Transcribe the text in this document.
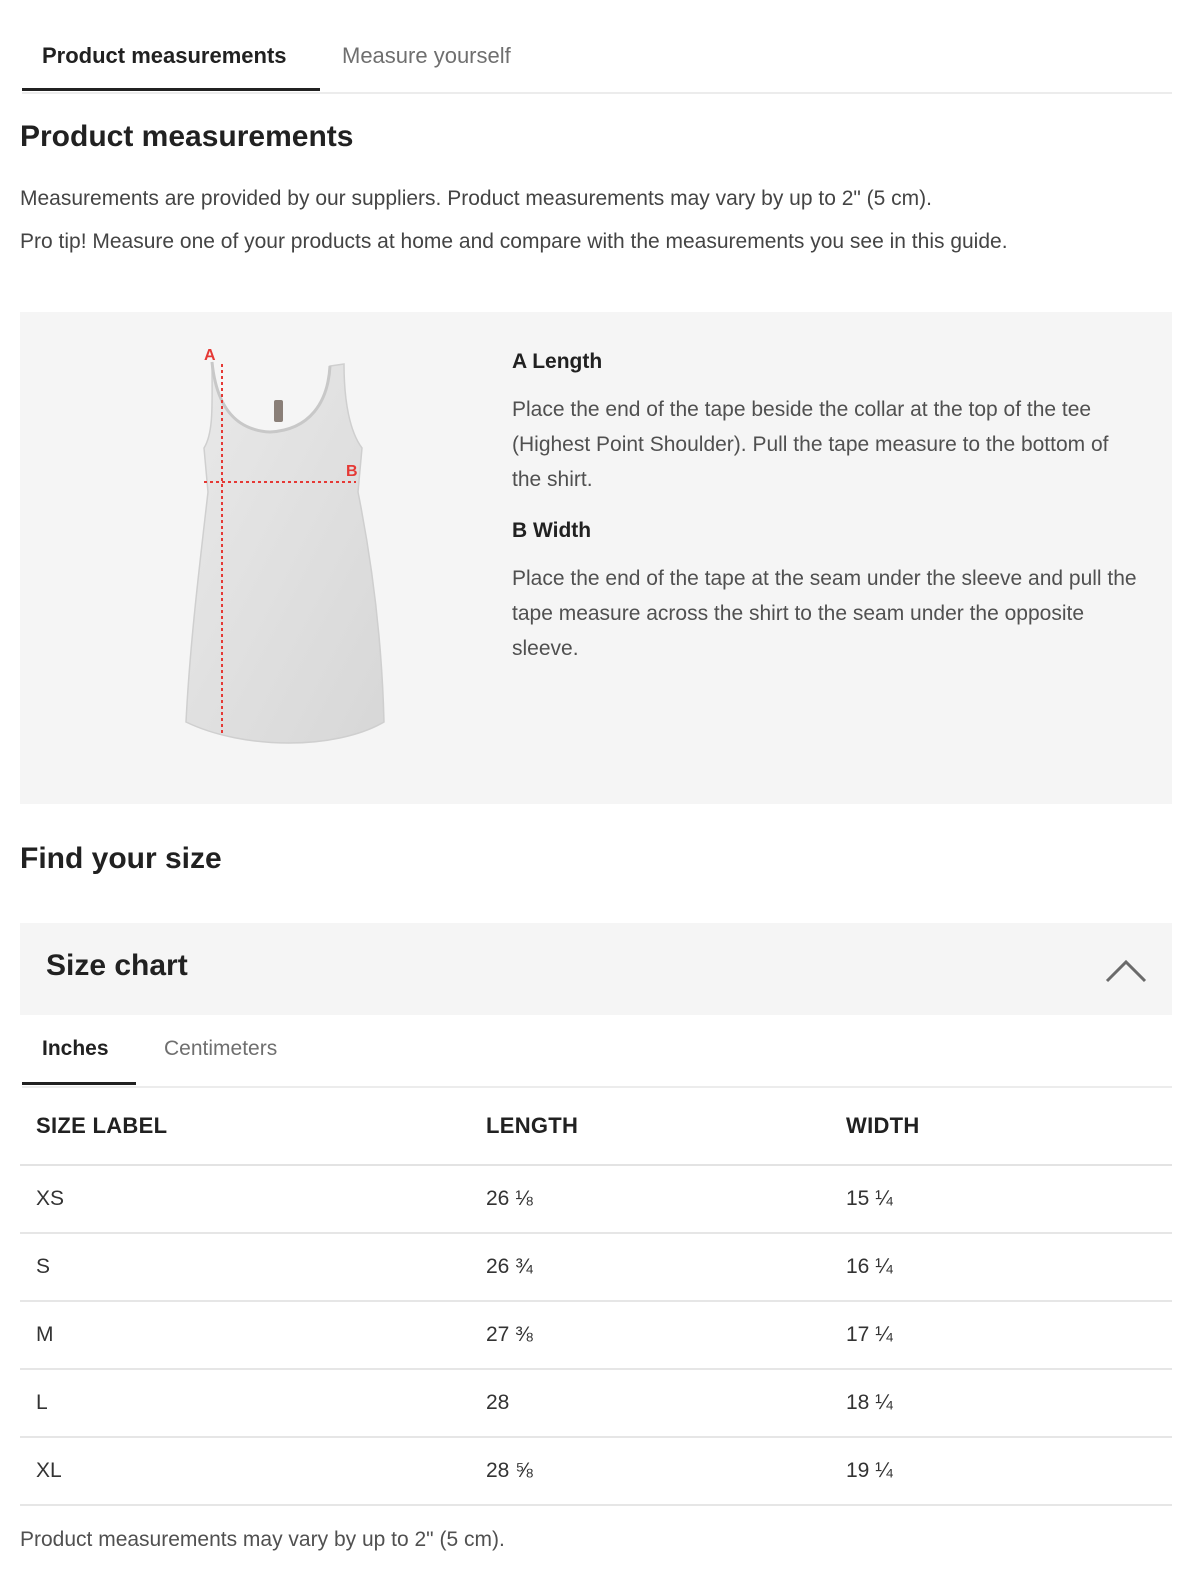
Product measurements	Measure yourself
Product measurements

Measurements are provided by our suppliers. Product measurements may vary by up to 2" (5 cm).

Pro tip! Measure one of your products at home and compare with the measurements you see in this guide.

A
B

A Length

Place the end of the tape beside the collar at the top of the tee (Highest Point Shoulder). Pull the tape measure to the bottom of the shirt.

B Width

Place the end of the tape at the seam under the sleeve and pull the tape measure across the shirt to the seam under the opposite sleeve.

Find your size
Size chart
Inches	Centimeters
SIZE LABEL	LENGTH	WIDTH
XS	26 ⅛	15 ¼
S	26 ¾	16 ¼
M	27 ⅜	17 ¼
L	28	18 ¼
XL	28 ⅝	19 ¼

Product measurements may vary by up to 2" (5 cm).
